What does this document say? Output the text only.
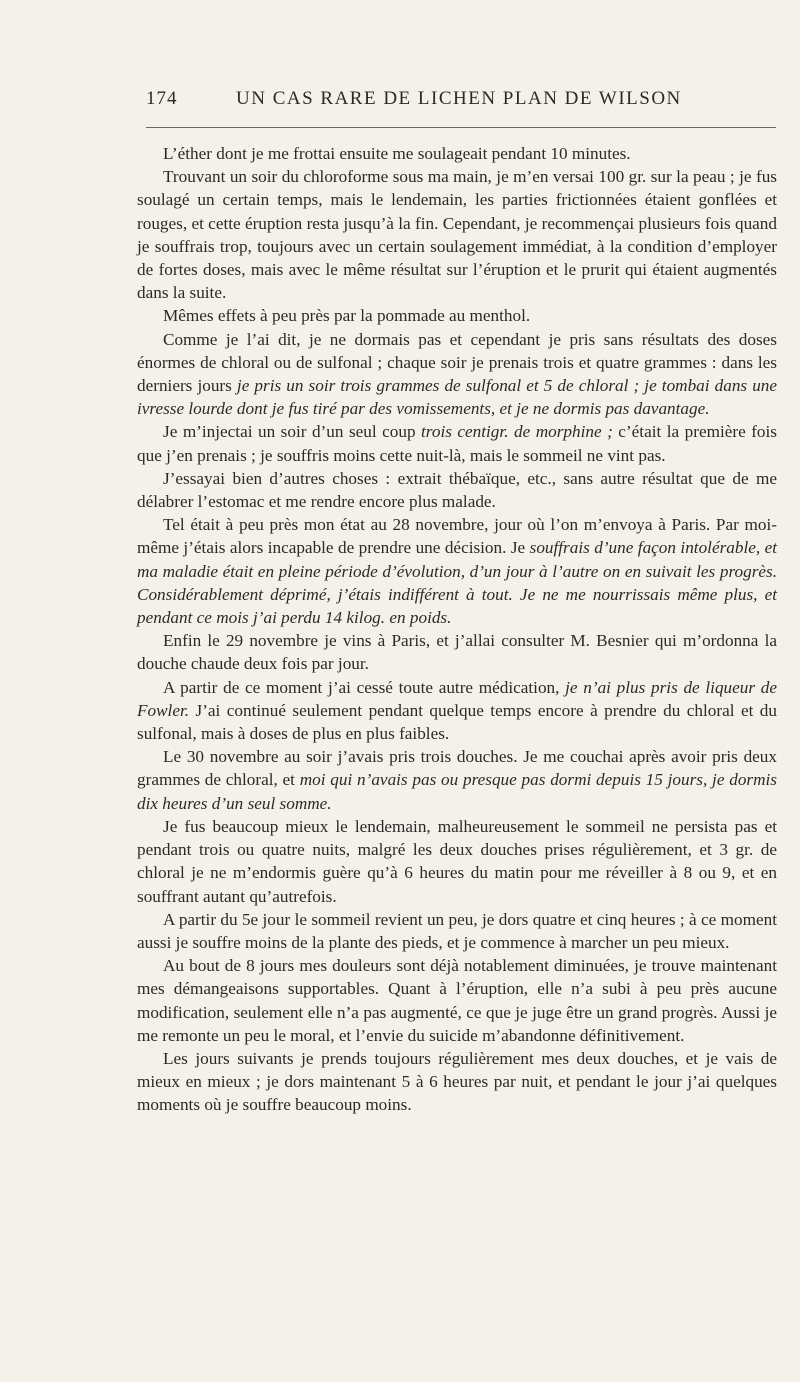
174	UN CAS RARE DE LICHEN PLAN DE WILSON

L’éther dont je me frottai ensuite me soulageait pendant 10 minutes.

Trouvant un soir du chloroforme sous ma main, je m’en versai 100 gr. sur la peau ; je fus soulagé un certain temps, mais le lendemain, les parties frictionnées étaient gonflées et rouges, et cette éruption resta jusqu’à la fin. Cependant, je recommençai plusieurs fois quand je souffrais trop, toujours avec un certain soulagement immédiat, à la condition d’employer de fortes doses, mais avec le même résultat sur l’éruption et le prurit qui étaient augmentés dans la suite.

Mêmes effets à peu près par la pommade au menthol.

Comme je l’ai dit, je ne dormais pas et cependant je pris sans résultats des doses énormes de chloral ou de sulfonal ; chaque soir je prenais trois et quatre grammes : dans les derniers jours je pris un soir trois grammes de sulfonal et 5 de chloral ; je tombai dans une ivresse lourde dont je fus tiré par des vomissements, et je ne dormis pas davantage.

Je m’injectai un soir d’un seul coup trois centigr. de morphine ; c’était la première fois que j’en prenais ; je souffris moins cette nuit-là, mais le sommeil ne vint pas.

J’essayai bien d’autres choses : extrait thébaïque, etc., sans autre résultat que de me délabrer l’estomac et me rendre encore plus malade.

Tel était à peu près mon état au 28 novembre, jour où l’on m’envoya à Paris. Par moi-même j’étais alors incapable de prendre une décision. Je souffrais d’une façon intolérable, et ma maladie était en pleine période d’évolution, d’un jour à l’autre on en suivait les progrès. Considérablement déprimé, j’étais indifférent à tout. Je ne me nourrissais même plus, et pendant ce mois j’ai perdu 14 kilog. en poids.

Enfin le 29 novembre je vins à Paris, et j’allai consulter M. Besnier qui m’ordonna la douche chaude deux fois par jour.

A partir de ce moment j’ai cessé toute autre médication, je n’ai plus pris de liqueur de Fowler. J’ai continué seulement pendant quelque temps encore à prendre du chloral et du sulfonal, mais à doses de plus en plus faibles.

Le 30 novembre au soir j’avais pris trois douches. Je me couchai après avoir pris deux grammes de chloral, et moi qui n’avais pas ou presque pas dormi depuis 15 jours, je dormis dix heures d’un seul somme.

Je fus beaucoup mieux le lendemain, malheureusement le sommeil ne persista pas et pendant trois ou quatre nuits, malgré les deux douches prises régulièrement, et 3 gr. de chloral je ne m’endormis guère qu’à 6 heures du matin pour me réveiller à 8 ou 9, et en souffrant autant qu’autrefois.

A partir du 5e jour le sommeil revient un peu, je dors quatre et cinq heures ; à ce moment aussi je souffre moins de la plante des pieds, et je commence à marcher un peu mieux.

Au bout de 8 jours mes douleurs sont déjà notablement diminuées, je trouve maintenant mes démangeaisons supportables. Quant à l’éruption, elle n’a subi à peu près aucune modification, seulement elle n’a pas augmenté, ce que je juge être un grand progrès. Aussi je me remonte un peu le moral, et l’envie du suicide m’abandonne définitivement.

Les jours suivants je prends toujours régulièrement mes deux douches, et je vais de mieux en mieux ; je dors maintenant 5 à 6 heures par nuit, et pendant le jour j’ai quelques moments où je souffre beaucoup moins.
